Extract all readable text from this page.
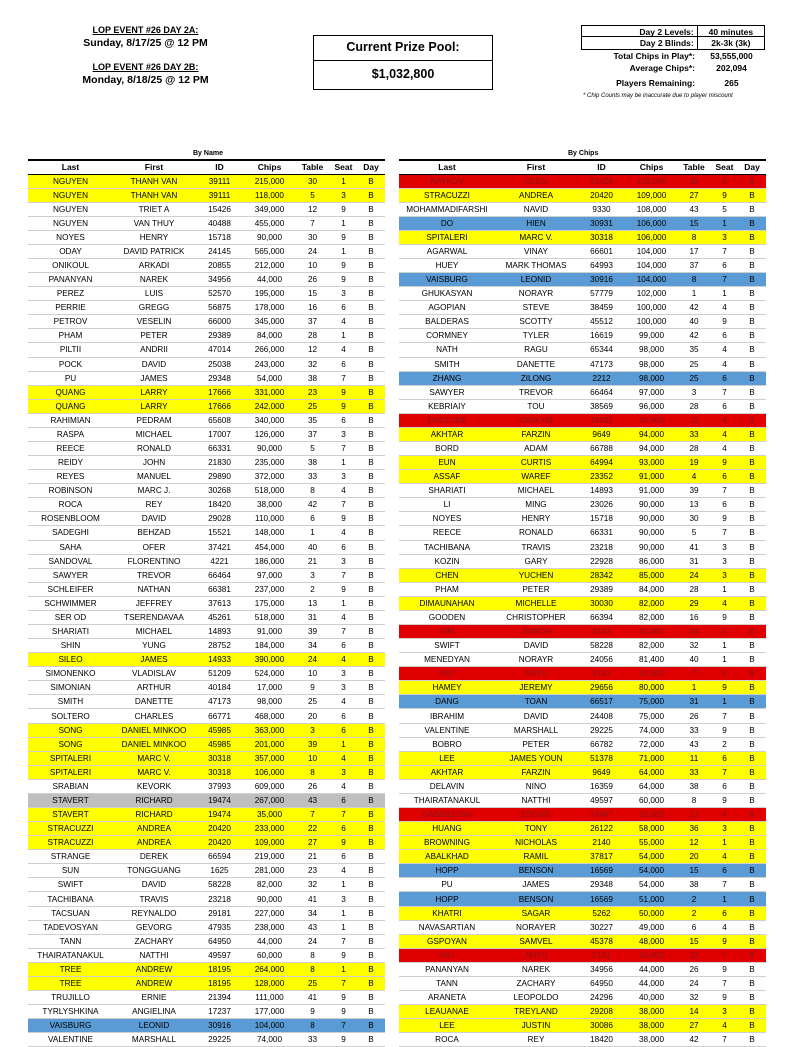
LOP EVENT #26 DAY 2A:
Sunday, 8/17/25 @ 12 PM
LOP EVENT #26 DAY 2B:
Monday, 8/18/25 @ 12 PM
Current Prize Pool:
$1,032,800
Day 2 Levels:	40 minutes
Day 2 Blinds:	2k-3k (3k)
Total Chips in Play*:	53,555,000
Average Chips*:	202,094
Players Remaining:	265
* Chip Counts may be inaccurate due to player miscount
By Name	By Chips
Last	First	ID	Chips	Table	Seat	Day
NGUYEN	THANH VAN	39111	215,000	30	1	B
NGUYEN	THANH VAN	39111	118,000	5	3	B
NGUYEN	TRIET A	15426	349,000	12	9	B
NGUYEN	VAN THUY	40488	455,000	7	1	B
NOYES	HENRY	15718	90,000	30	9	B
ODAY	DAVID PATRICK	24145	565,000	24	1	B
ONIKOUL	ARKADI	20855	212,000	10	9	B
PANANYAN	NAREK	34956	44,000	26	9	B
PEREZ	LUIS	52570	195,000	15	3	B
PERRIE	GREGG	56875	178,000	16	6	B
PETROV	VESELIN	66000	345,000	37	4	B
PHAM	PETER	29389	84,000	28	1	B
PILTII	ANDRII	47014	266,000	12	4	B
POCK	DAVID	25038	243,000	32	6	B
PU	JAMES	29348	54,000	38	7	B
QUANG	LARRY	17666	331,000	23	9	B
QUANG	LARRY	17666	242,000	25	9	B
RAHIMIAN	PEDRAM	65608	340,000	35	6	B
RASPA	MICHAEL	17007	126,000	37	3	B
REECE	RONALD	66331	90,000	5	7	B
REIDY	JOHN	21830	235,000	38	1	B
REYES	MANUEL	29890	372,000	33	3	B
ROBINSON	MARC J.	30268	518,000	8	4	B
ROCA	REY	18420	38,000	42	7	B
ROSENBLOOM	DAVID	29028	110,000	6	9	B
SADEGHI	BEHZAD	15521	148,000	1	4	B
SAHA	OFER	37421	454,000	40	6	B
SANDOVAL	FLORENTINO	4221	186,000	21	3	B
SAWYER	TREVOR	66464	97,000	3	7	B
SCHLEIFER	NATHAN	66381	237,000	2	9	B
SCHWIMMER	JEFFREY	37613	175,000	13	1	B
SER OD	TSERENDAVAA	45261	518,000	31	4	B
SHARIATI	MICHAEL	14893	91,000	39	7	B
SHIN	YUNG	28752	184,000	34	6	B
SILEO	JAMES	14933	390,000	24	4	B
SIMONENKO	VLADISLAV	51209	524,000	10	3	B
SIMONIAN	ARTHUR	40184	17,000	9	3	B
SMITH	DANETTE	47173	98,000	25	4	B
SOLTERO	CHARLES	66771	468,000	20	6	B
SONG	DANIEL MINKOO	45985	363,000	3	6	B
SONG	DANIEL MINKOO	45985	201,000	39	1	B
SPITALERI	MARC V.	30318	357,000	10	4	B
SPITALERI	MARC V.	30318	106,000	8	3	B
SRABIAN	KEVORK	37993	609,000	26	4	B
STAVERT	RICHARD	19474	267,000	43	6	B
STAVERT	RICHARD	19474	35,000	7	7	B
STRACUZZI	ANDREA	20420	233,000	22	6	B
STRACUZZI	ANDREA	20420	109,000	27	9	B
STRANGE	DEREK	66594	219,000	21	6	B
SUN	TONGGUANG	1625	281,000	23	4	B
SWIFT	DAVID	58228	82,000	32	1	B
TACHIBANA	TRAVIS	23218	90,000	41	3	B
TACSUAN	REYNALDO	29181	227,000	34	1	B
TADEVOSYAN	GEVORG	47935	238,000	43	1	B
TANN	ZACHARY	64950	44,000	24	7	B
THAIRATANAKUL	NATTHI	49597	60,000	8	9	B
TREE	ANDREW	18195	264,000	8	1	B
TREE	ANDREW	18195	128,000	25	7	B
TRUJILLO	ERNIE	21394	111,000	41	9	B
TYRLYSHKINA	ANGIELINA	17237	177,000	9	9	B
VAISBURG	LEONID	30916	104,000	8	7	B
VALENTINE	MARSHALL	29225	74,000	33	9	B
Last	First	ID	Chips	Table	Seat	Day
RAYKOV	OLEG	22429	109,000	39	9	B
STRACUZZI	ANDREA	20420	109,000	27	9	B
MOHAMMADIFARSHI	NAVID	9330	108,000	43	5	B
DO	HIEN	30931	106,000	15	1	B
SPITALERI	MARC V.	30318	106,000	8	3	B
AGARWAL	VINAY	66601	104,000	17	7	B
HUEY	MARK THOMAS	64993	104,000	37	6	B
VAISBURG	LEONID	30916	104,000	8	7	B
GHUKASYAN	NORAYR	57779	102,000	1	1	B
AGOPIAN	STEVE	38459	100,000	42	4	B
BALDERAS	SCOTTY	45512	100,000	40	9	B
CORMNEY	TYLER	16619	99,000	42	6	B
NATH	RAGU	65344	98,000	35	4	B
SMITH	DANETTE	47173	98,000	25	4	B
ZHANG	ZILONG	2212	98,000	25	6	B
SAWYER	TREVOR	66464	97,000	3	7	B
KEBRIAIY	TOU	38569	96,000	28	6	B
ENSTONE	GWILYM	18293	95,000	11	4	B
AKHTAR	FARZIN	9649	94,000	33	4	B
BORD	ADAM	66788	94,000	28	4	B
EUN	CURTIS	64994	93,000	19	9	B
ASSAF	WAREF	23352	91,000	4	6	B
SHARIATI	MICHAEL	14893	91,000	39	7	B
LI	MING	23026	90,000	13	6	B
NOYES	HENRY	15718	90,000	30	9	B
REECE	RONALD	66331	90,000	5	7	B
TACHIBANA	TRAVIS	23218	90,000	41	3	B
KOZIN	GARY	22928	86,000	31	3	B
CHEN	YUCHEN	28342	85,000	24	3	B
PHAM	PETER	29389	84,000	28	1	B
DIMAUNAHAN	MICHELLE	30030	82,000	29	4	B
GOODEN	CHRISTOPHER	66394	82,000	16	9	B
KIM	JUWON	5141	82,000	34	5	B
SWIFT	DAVID	58228	82,000	32	1	B
MENEDYAN	NORAYR	24056	81,400	40	1	B
WU	JINYU	5141	81,000	7	6	B
HAMEY	JEREMY	29656	80,000	1	9	B
DANG	TOAN	66517	75,000	31	1	B
IBRAHIM	DAVID	24408	75,000	26	7	B
VALENTINE	MARSHALL	29225	74,000	33	9	B
BOBRO	PETER	66782	72,000	43	2	B
LEE	JAMES YOUN	51378	71,000	11	6	B
AKHTAR	FARZIN	9649	64,000	33	7	B
DELAVIN	NINO	16359	64,000	38	6	B
THAIRATANAKUL	NATTHI	49597	60,000	8	9	B
GABRIELYAN	EDGAR	24947	59,000	13	4	B
HUANG	TONY	26122	58,000	36	3	B
BROWNING	NICHOLAS	2140	55,000	12	1	B
ABALKHAD	RAMIL	37817	54,000	20	4	B
HOPP	BENSON	16569	54,000	15	6	B
PU	JAMES	29348	54,000	38	7	B
HOPP	BENSON	16569	51,000	2	1	B
KHATRI	SAGAR	5262	50,000	2	6	B
NAVASARTIAN	NORAYER	30227	49,000	6	4	B
GSPOYAN	SAMVEL	45378	48,000	15	9	B
WU	JINYU	5141	45,000	23	7	B
PANANYAN	NAREK	34956	44,000	26	9	B
TANN	ZACHARY	64950	44,000	24	7	B
ARANETA	LEOPOLDO	24296	40,000	32	9	B
LEAUANAE	TREYLAND	29208	38,000	14	3	B
LEE	JUSTIN	30086	38,000	27	4	B
ROCA	REY	18420	38,000	42	7	B
